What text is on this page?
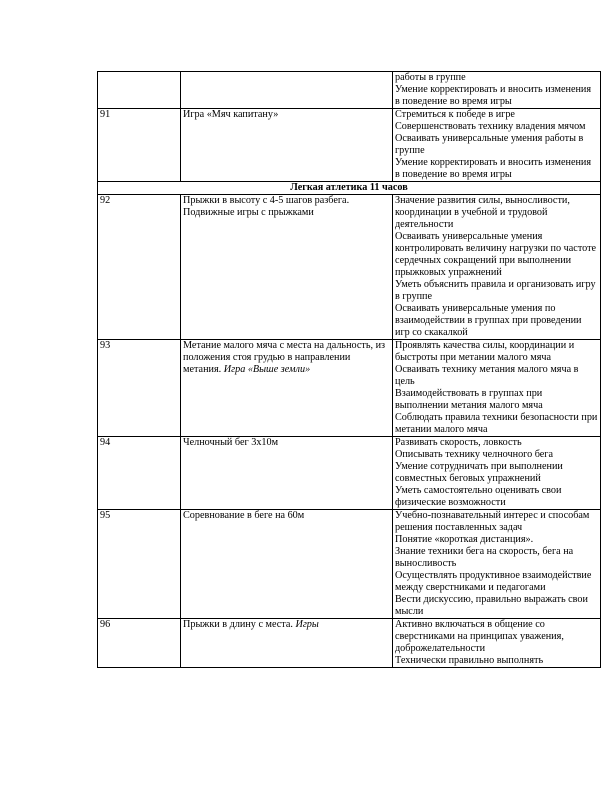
		работы в группе
Умение корректировать и вносить изменения в поведение во время игры

91	Игра «Мяч капитану»	Стремиться к победе в игре
Совершенствовать технику владения мячом
Осваивать универсальные умения работы в группе
Умение корректировать и вносить изменения в поведение во время игры

Легкая атлетика 11 часов		
92	Прыжки в высоту с 4-5 шагов разбега. Подвижные игры с прыжками	Значение развития силы, выносливости, координации в учебной и трудовой деятельности
Осваивать универсальные умения контролировать величину нагрузки по частоте сердечных сокращений при выполнении прыжковых упражнений
Уметь объяснить правила и организовать игру в группе
Осваивать универсальные умения по взаимодействии в группах при проведении игр со скакалкой

93	Метание малого мяча с места на дальность, из положения стоя грудью в направлении метания. Игра «Выше земли»	Проявлять качества силы, координации и быстроты при метании малого мяча
Осваивать технику метания малого мяча в цель
Взаимодействовать в группах при выполнении метания малого мяча
Соблюдать правила техники безопасности при метании малого мяча

94	Челночный бег 3х10м	Развивать скорость, ловкость
Описывать технику челночного бега
Умение сотрудничать при выполнении совместных беговых упражнений
Уметь самостоятельно оценивать свои физические возможности

95	Соревнование в беге на 60м	Учебно-познавательный интерес и способам решения поставленных задач
Понятие «короткая дистанция».
Знание техники бега на скорость, бега на выносливость
Осуществлять продуктивное взаимодействие между сверстниками и педагогами
Вести дискуссию, правильно выражать свои мысли

96	Прыжки в длину с места. Игры	Активно включаться в общение со сверстниками на принципах уважения, доброжелательности
Технически правильно выполнять
